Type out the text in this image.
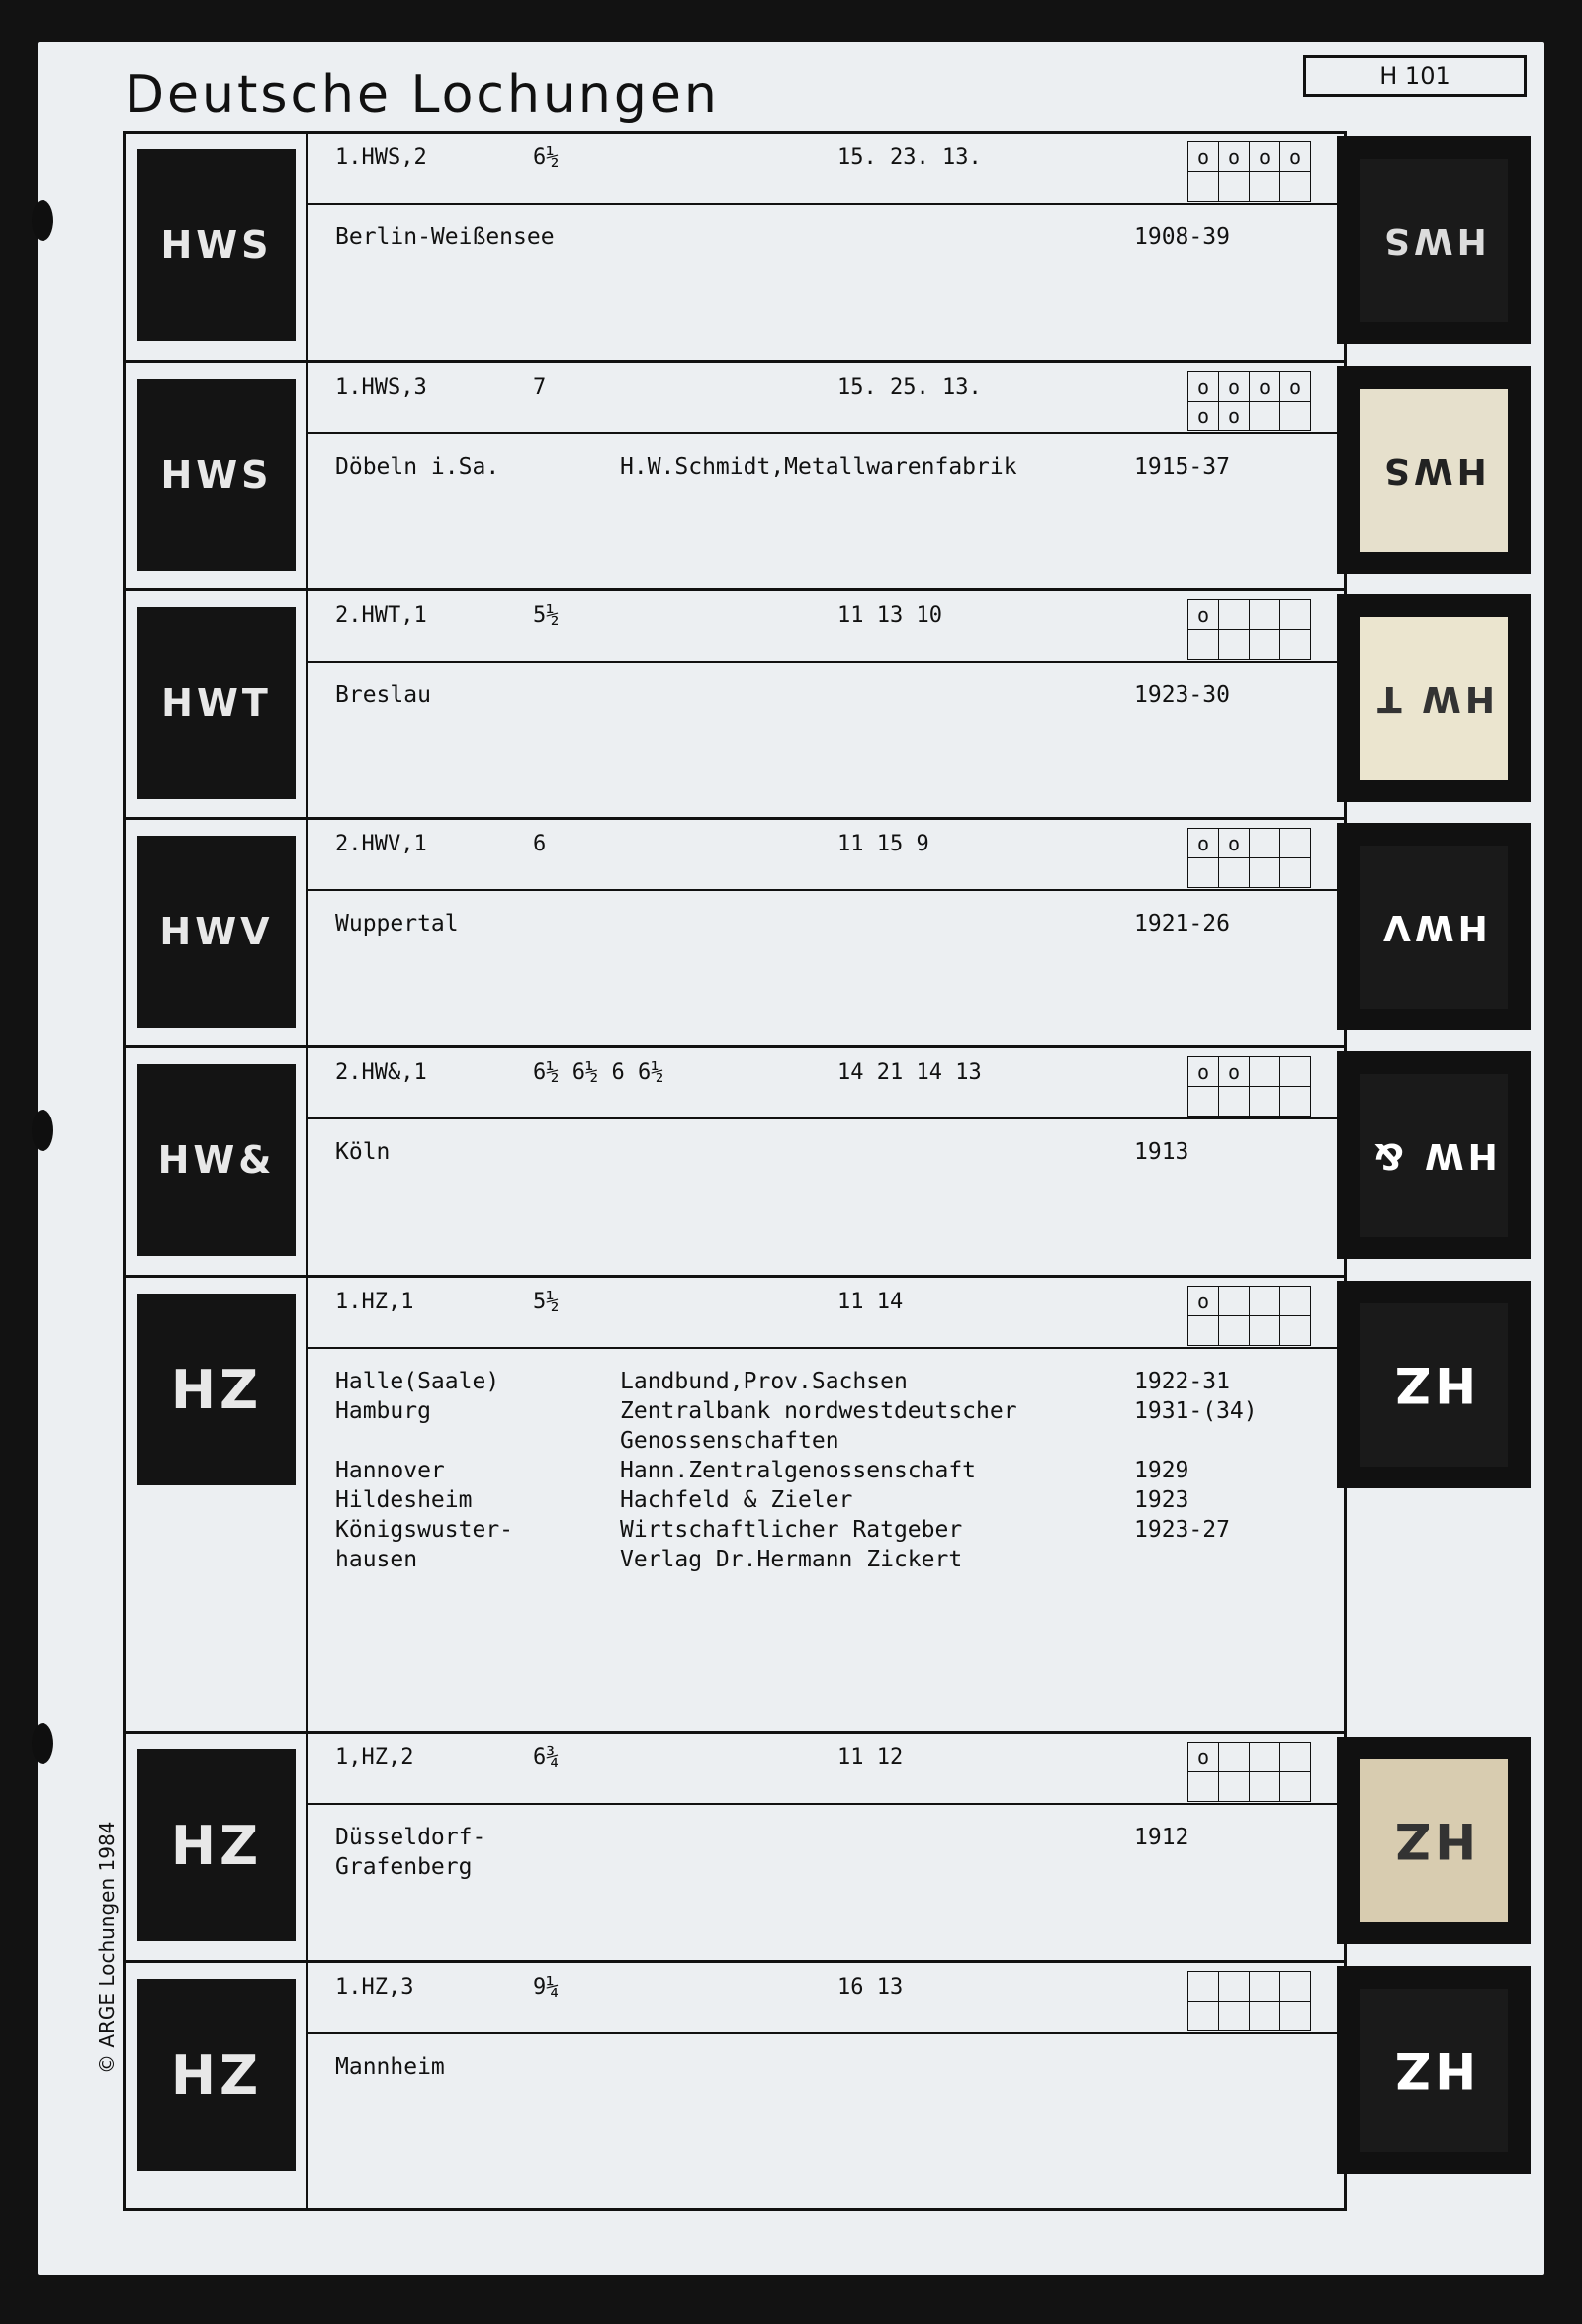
Deutsche Lochungen	H 101
© ARGE Lochungen 1984
HWS
1.HWS,2	6½	15. 23. 13.	o	o	o	o

Berlin-Weißensee	1908-39
HWS
1.HWS,3	7	15. 25. 13.	o	o	o	o
o	o		
Döbeln i.Sa.	H.W.Schmidt,Metallwarenfabrik	1915-37
HWT
2.HWT,1	5½	11 13 10	o			

Breslau	1923-30
HWV
2.HWV,1	6	11 15 9	o	o		

Wuppertal	1921-26
HW&
2.HW&,1	6½ 6½ 6 6½	14 21 14 13	o	o		

Köln	1913
HZ
1.HZ,1	5½	11 14	o			

Halle(Saale)	Landbund,Prov.Sachsen	1922-31
Hamburg	Zentralbank nordwestdeutscher	1931-(34)
Genossenschaften
Hannover	Hann.Zentralgenossenschaft	1929
Hildesheim	Hachfeld & Zieler	1923
Königswuster-	Wirtschaftlicher Ratgeber	1923-27
hausen	Verlag Dr.Hermann Zickert
HZ
1,HZ,2	6¾	11 12	o			

Düsseldorf-	1912
Grafenberg
HZ
1.HZ,3	9¼	16 13

Mannheim
HWS
HWS
HW T
HWV
HW &
HZ
HZ
HZ
